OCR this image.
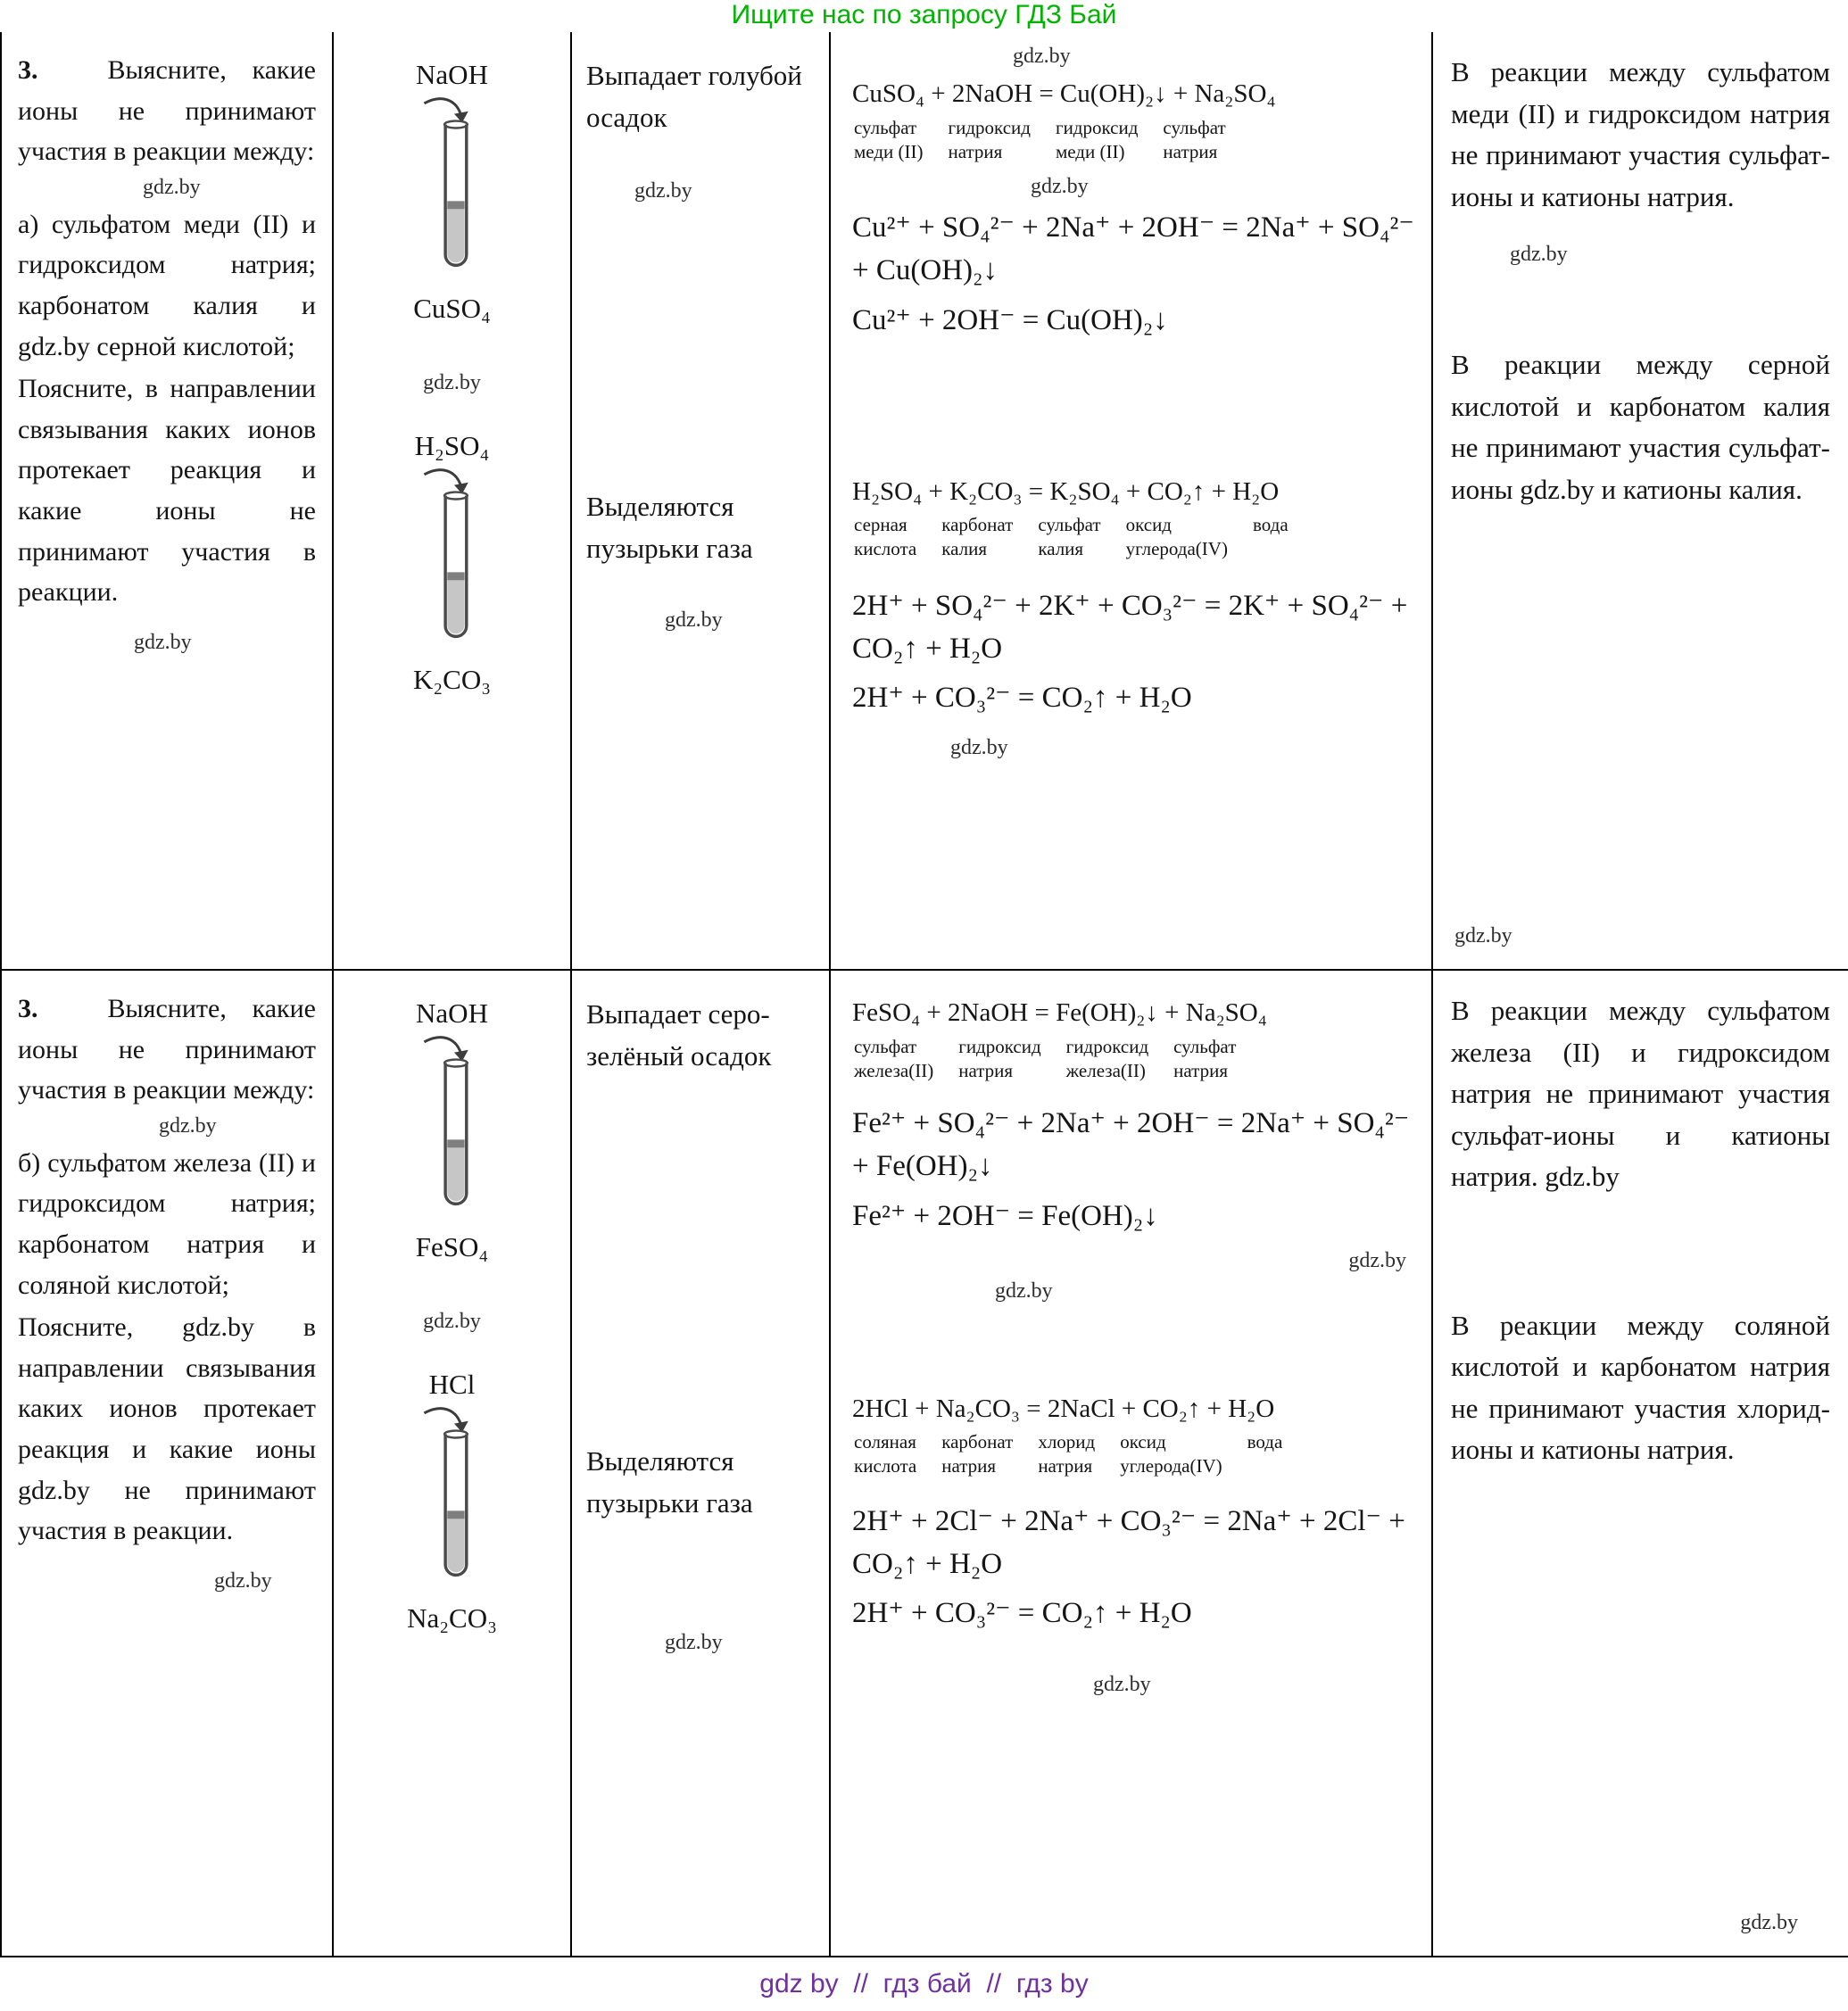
Ищите нас по запросу ГДЗ Бай
3.	Выясните, какие ионы не принимают участия в реакции между:
gdz.by
а) сульфатом меди (II) и гидроксидом натрия; карбонатом калия и gdz.by серной кислотой;
Поясните, в направлении связывания каких ионов протекает реакция и какие ионы не принимают участия в реакции.
gdz.by
NaOH
CuSO₄
gdz.by
H₂SO₄
K₂CO₃
Выпадает голубой осадок
gdz.by
Выделяются пузырьки газа
gdz.by
gdz.by
CuSO₄ + 2NaOH = Cu(OH)₂↓ + Na₂SO₄
сульфат
меди (II)
гидроксид
натрия
гидроксид
меди (II)
сульфат
натрия
gdz.by
Cu²⁺ + SO₄²⁻ + 2Na⁺ + 2OH⁻ = 2Na⁺ + SO₄²⁻ + Cu(OH)₂↓
Cu²⁺ + 2OH⁻ = Cu(OH)₂↓
H₂SO₄ + K₂CO₃ = K₂SO₄ + CO₂↑ + H₂O
серная
кислота
карбонат
калия
сульфат
калия
оксид
углерода(IV)
вода
2H⁺ + SO₄²⁻ + 2K⁺ + CO₃²⁻ = 2K⁺ + SO₄²⁻ + CO₂↑ + H₂O
2H⁺ + CO₃²⁻ = CO₂↑ + H₂O
gdz.by
В реакции между сульфатом меди (II) и гидроксидом натрия не принимают участия сульфат-ионы и катионы натрия.
gdz.by
В реакции между серной кислотой и карбонатом калия не принимают участия сульфат-ионы gdz.by и катионы калия.
gdz.by
3.	Выясните, какие ионы не принимают участия в реакции между:
gdz.by
б) сульфатом железа (II) и гидроксидом натрия; карбонатом натрия и соляной кислотой;
Поясните, gdz.by в направлении связывания каких ионов протекает реакция и какие ионы gdz.by не принимают участия в реакции.
gdz.by
NaOH
FeSO₄
gdz.by
HCl
Na₂CO₃
Выпадает серо-зелёный осадок
Выделяются пузырьки газа
gdz.by
FeSO₄ + 2NaOH = Fe(OH)₂↓ + Na₂SO₄
сульфат
железа(II)
гидроксид
натрия
гидроксид
железа(II)
сульфат
натрия
Fe²⁺ + SO₄²⁻ + 2Na⁺ + 2OH⁻ = 2Na⁺ + SO₄²⁻ + Fe(OH)₂↓
Fe²⁺ + 2OH⁻ = Fe(OH)₂↓
gdz.by
gdz.by
2HCl + Na₂CO₃ = 2NaCl + CO₂↑ + H₂O
соляная
кислота
карбонат
натрия
хлорид
натрия
оксид
углерода(IV)
вода
2H⁺ + 2Cl⁻ + 2Na⁺ + CO₃²⁻ = 2Na⁺ + 2Cl⁻ + CO₂↑ + H₂O
2H⁺ + CO₃²⁻ = CO₂↑ + H₂O
gdz.by
В реакции между сульфатом железа (II) и гидроксидом натрия не принимают участия сульфат-ионы и катионы натрия. gdz.by
В реакции между соляной кислотой и карбонатом натрия не принимают участия хлорид-ионы и катионы натрия.
gdz.by
gdz by  //  гдз бай  //  гдз by
